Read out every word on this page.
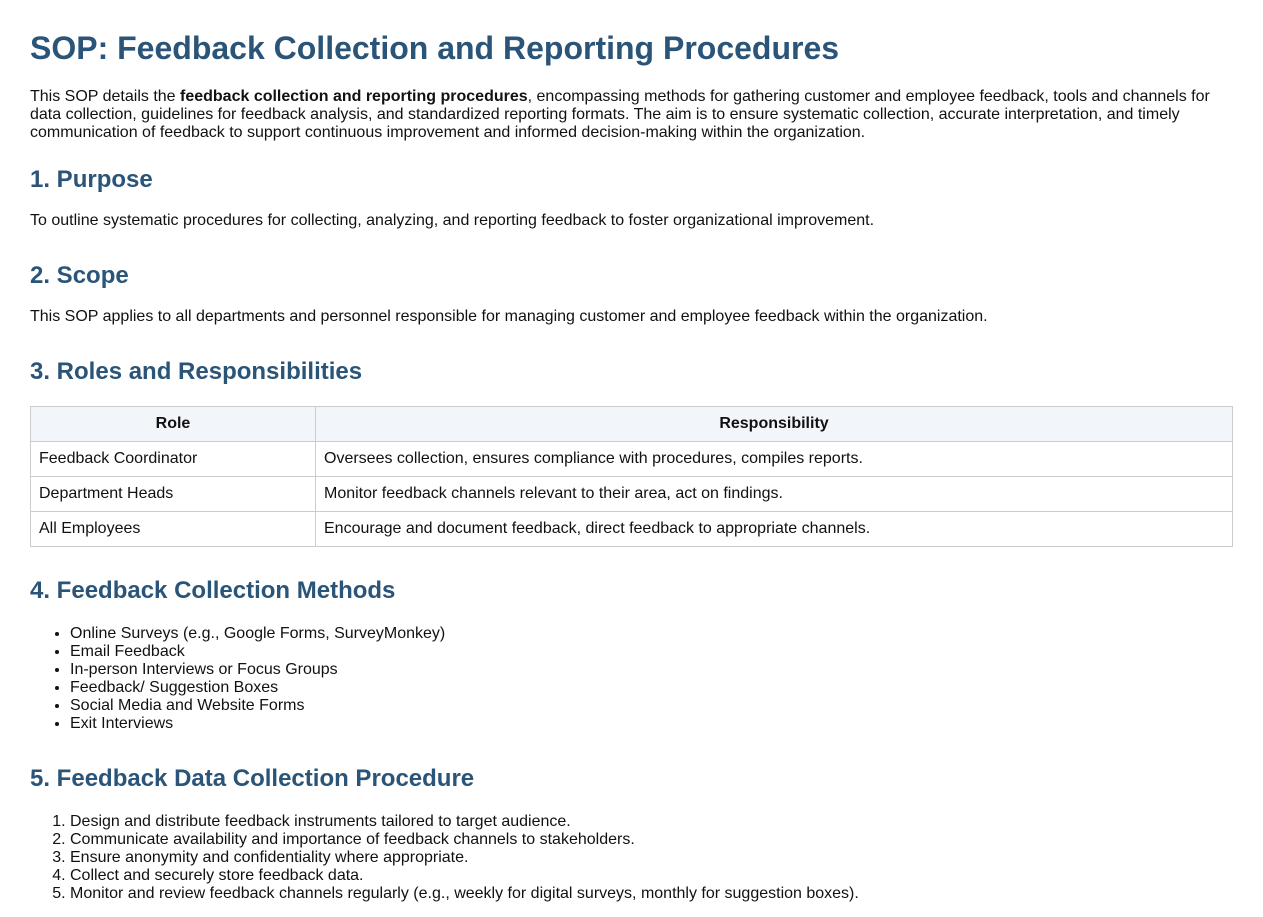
SOP: Feedback Collection and Reporting Procedures

This SOP details the feedback collection and reporting procedures, encompassing methods for gathering customer and employee feedback, tools and channels for data collection, guidelines for feedback analysis, and standardized reporting formats. The aim is to ensure systematic collection, accurate interpretation, and timely communication of feedback to support continuous improvement and informed decision-making within the organization.

1. Purpose

To outline systematic procedures for collecting, analyzing, and reporting feedback to foster organizational improvement.

2. Scope

This SOP applies to all departments and personnel responsible for managing customer and employee feedback within the organization.

3. Roles and Responsibilities
Role	Responsibility
Feedback Coordinator	Oversees collection, ensures compliance with procedures, compiles reports.
Department Heads	Monitor feedback channels relevant to their area, act on findings.
All Employees	Encourage and document feedback, direct feedback to appropriate channels.
4. Feedback Collection Methods
• Online Surveys (e.g., Google Forms, SurveyMonkey)
• Email Feedback
• In-person Interviews or Focus Groups
• Feedback/ Suggestion Boxes
• Social Media and Website Forms
• Exit Interviews
5. Feedback Data Collection Procedure
1. Design and distribute feedback instruments tailored to target audience.
2. Communicate availability and importance of feedback channels to stakeholders.
3. Ensure anonymity and confidentiality where appropriate.
4. Collect and securely store feedback data.
5. Monitor and review feedback channels regularly (e.g., weekly for digital surveys, monthly for suggestion boxes).
